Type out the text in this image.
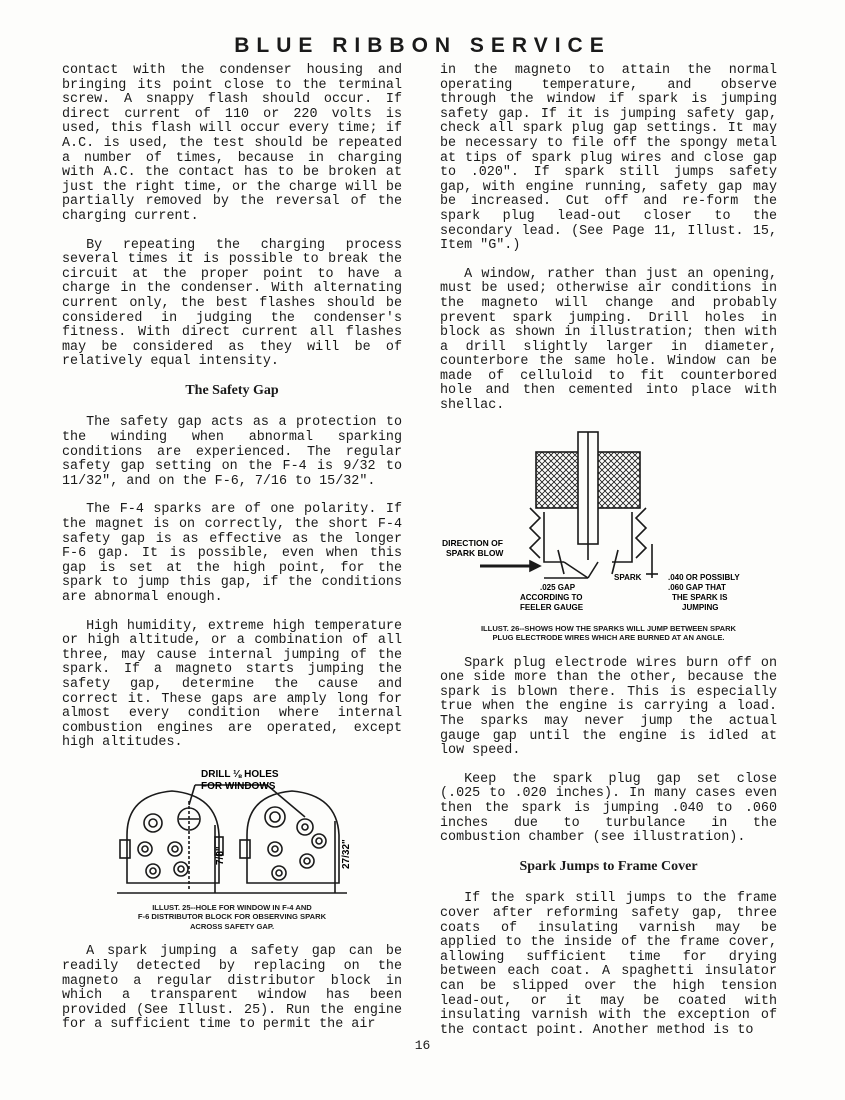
BLUE RIBBON SERVICE

contact with the condenser housing and bringing its point close to the terminal screw. A snappy flash should occur. If direct current of 110 or 220 volts is used, this flash will occur every time; if A.C. is used, the test should be repeated a number of times, because in charging with A.C. the contact has to be broken at just the right time, or the charge will be partially removed by the reversal of the charging current.

By repeating the charging process several times it is possible to break the circuit at the proper point to have a charge in the condenser. With alternating current only, the best flashes should be considered in judging the condenser's fitness. With direct current all flashes may be considered as they will be of relatively equal intensity.

The Safety Gap

The safety gap acts as a protection to the winding when abnormal sparking conditions are experienced. The regular safety gap setting on the F-4 is 9/32 to 11/32", and on the F-6, 7/16 to 15/32".

The F-4 sparks are of one polarity. If the magnet is on correctly, the short F-4 safety gap is as effective as the longer F-6 gap. It is possible, even when this gap is set at the high point, for the spark to jump this gap, if the conditions are abnormal enough.

High humidity, extreme high temperature or high altitude, or a combination of all three, may cause internal jumping of the spark. If a magneto starts jumping the safety gap, determine the cause and correct it. These gaps are amply long for almost every condition where internal combustion engines are operated, except high altitudes.

DRILL ⅛ HOLES
FOR WINDOWS
7/8"	27/32"
ILLUST. 25--HOLE FOR WINDOW IN F-4 AND
F-6 DISTRIBUTOR BLOCK FOR OBSERVING SPARK
ACROSS SAFETY GAP.

A spark jumping a safety gap can be readily detected by replacing on the magneto a regular distributor block in which a transparent window has been provided (See Illust. 25). Run the engine for a sufficient time to permit the air

in the magneto to attain the normal operating temperature, and observe through the window if spark is jumping safety gap. If it is jumping safety gap, check all spark plug gap settings. It may be necessary to file off the spongy metal at tips of spark plug wires and close gap to .020". If spark still jumps safety gap, with engine running, safety gap may be increased. Cut off and re-form the spark plug lead-out closer to the secondary lead. (See Page 11, Illust. 15, Item "G".)

A window, rather than just an opening, must be used; otherwise air conditions in the magneto will change and probably prevent spark jumping. Drill holes in block as shown in illustration; then with a drill slightly larger in diameter, counterbore the same hole. Window can be made of celluloid to fit counterbored hole and then cemented into place with shellac.

DIRECTION OF
SPARK BLOW
SPARK
.025 GAP
ACCORDING TO
FEELER GAUGE
.040 OR POSSIBLY
.060 GAP THAT
THE SPARK IS
JUMPING
ILLUST. 26--SHOWS HOW THE SPARKS WILL JUMP BETWEEN SPARK
PLUG ELECTRODE WIRES WHICH ARE BURNED AT AN ANGLE.

Spark plug electrode wires burn off on one side more than the other, because the spark is blown there. This is especially true when the engine is carrying a load. The sparks may never jump the actual gauge gap until the engine is idled at low speed.

Keep the spark plug gap set close (.025 to .020 inches). In many cases even then the spark is jumping .040 to .060 inches due to turbulance in the combustion chamber (see illustration).

Spark Jumps to Frame Cover

If the spark still jumps to the frame cover after reforming safety gap, three coats of insulating varnish may be applied to the inside of the frame cover, allowing sufficient time for drying between each coat. A spaghetti insulator can be slipped over the high tension lead-out, or it may be coated with insulating varnish with the exception of the contact point. Another method is to

16
